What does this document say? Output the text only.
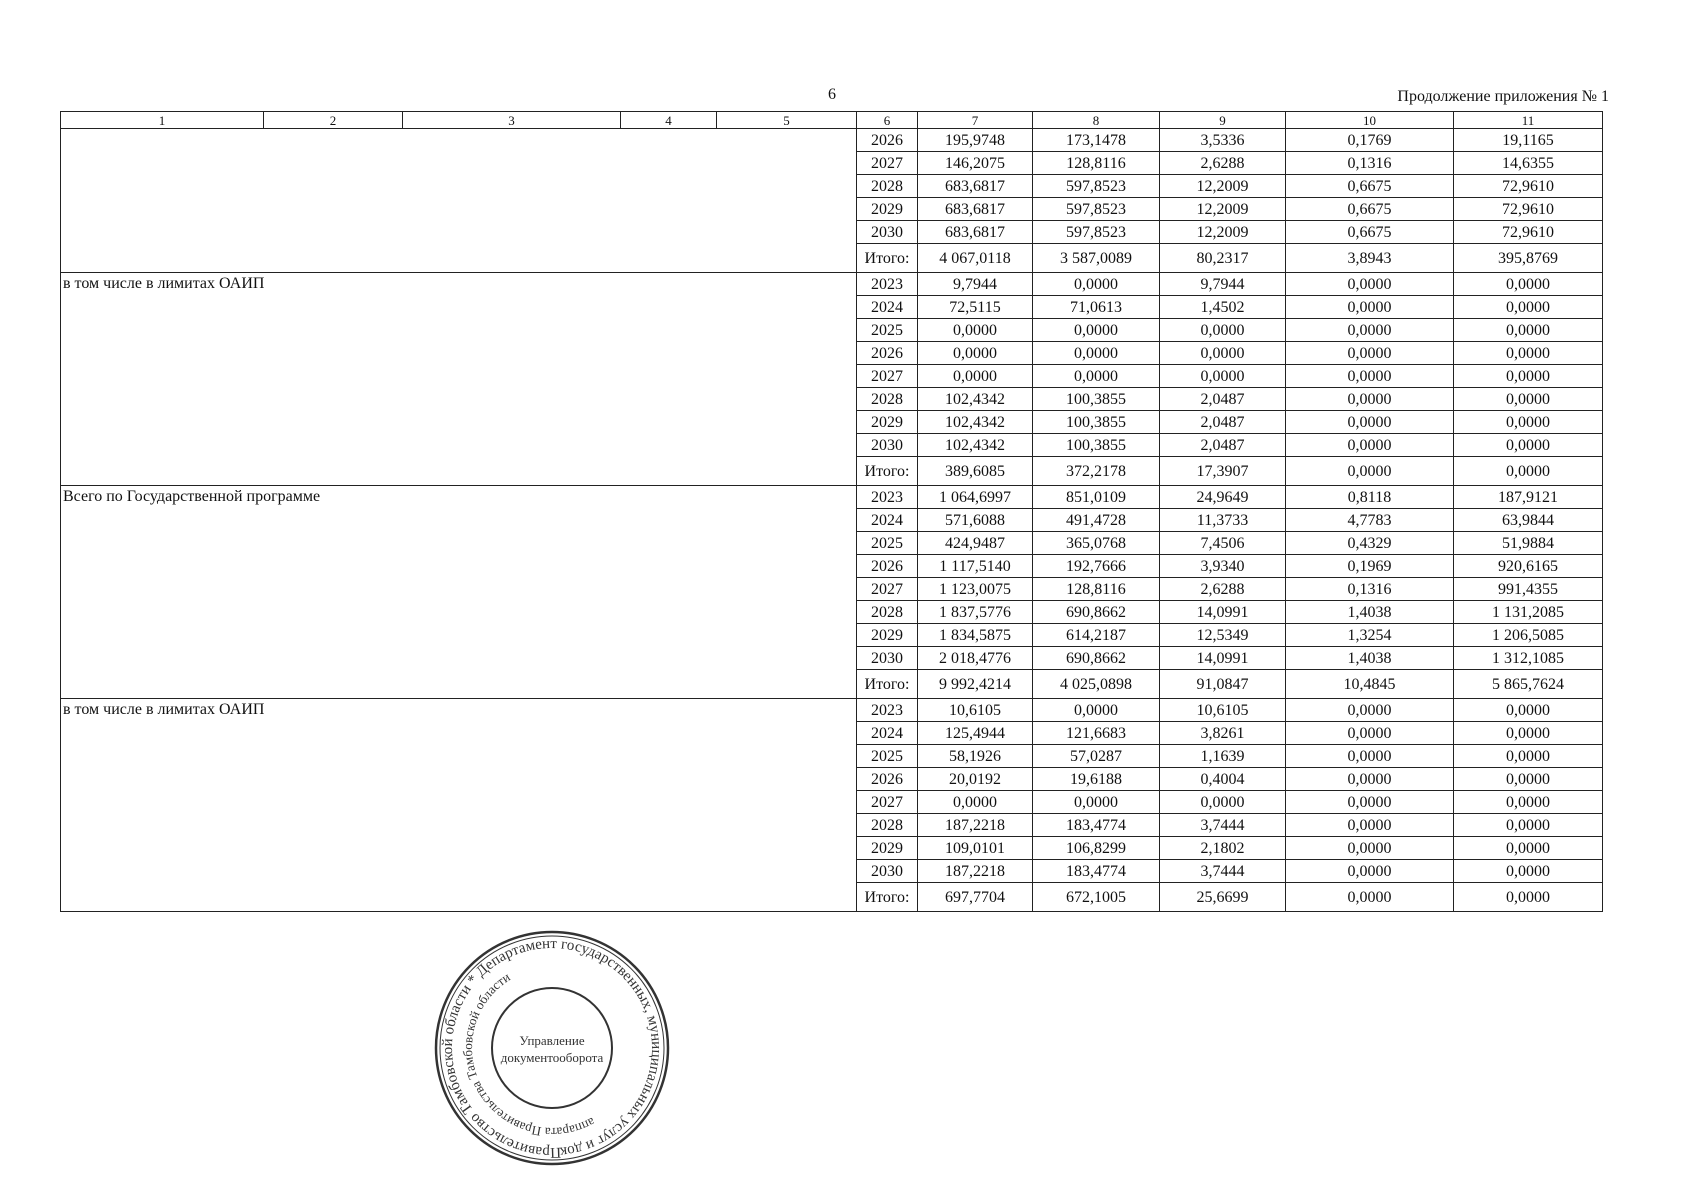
6	Продолжение приложения № 1
1	2	3	4	5	6	7	8	9	10	11
					2026	195,9748	173,1478	3,5336	0,1769	19,1165
					2027	146,2075	128,8116	2,6288	0,1316	14,6355
					2028	683,6817	597,8523	12,2009	0,6675	72,9610
					2029	683,6817	597,8523	12,2009	0,6675	72,9610
					2030	683,6817	597,8523	12,2009	0,6675	72,9610
					Итого:	4 067,0118	3 587,0089	80,2317	3,8943	395,8769
в том числе в лимитах ОАИП					2023	9,7944	0,0000	9,7944	0,0000	0,0000
					2024	72,5115	71,0613	1,4502	0,0000	0,0000
					2025	0,0000	0,0000	0,0000	0,0000	0,0000
					2026	0,0000	0,0000	0,0000	0,0000	0,0000
					2027	0,0000	0,0000	0,0000	0,0000	0,0000
					2028	102,4342	100,3855	2,0487	0,0000	0,0000
					2029	102,4342	100,3855	2,0487	0,0000	0,0000
					2030	102,4342	100,3855	2,0487	0,0000	0,0000
					Итого:	389,6085	372,2178	17,3907	0,0000	0,0000
Всего по Государственной программе					2023	1 064,6997	851,0109	24,9649	0,8118	187,9121
					2024	571,6088	491,4728	11,3733	4,7783	63,9844
					2025	424,9487	365,0768	7,4506	0,4329	51,9884
					2026	1 117,5140	192,7666	3,9340	0,1969	920,6165
					2027	1 123,0075	128,8116	2,6288	0,1316	991,4355
					2028	1 837,5776	690,8662	14,0991	1,4038	1 131,2085
					2029	1 834,5875	614,2187	12,5349	1,3254	1 206,5085
					2030	2 018,4776	690,8662	14,0991	1,4038	1 312,1085
					Итого:	9 992,4214	4 025,0898	91,0847	10,4845	5 865,7624
в том числе в лимитах ОАИП					2023	10,6105	0,0000	10,6105	0,0000	0,0000
					2024	125,4944	121,6683	3,8261	0,0000	0,0000
					2025	58,1926	57,0287	1,1639	0,0000	0,0000
					2026	20,0192	19,6188	0,4004	0,0000	0,0000
					2027	0,0000	0,0000	0,0000	0,0000	0,0000
					2028	187,2218	183,4774	3,7444	0,0000	0,0000
					2029	109,0101	106,8299	2,1802	0,0000	0,0000
					2030	187,2218	183,4774	3,7444	0,0000	0,0000
					Итого:	697,7704	672,1005	25,6699	0,0000	0,0000
Правительство Тамбовской области * Департамент государственных, муниципальных услуг и документооборота
аппарата Правительства Тамбовской области
Управление
документооборота
